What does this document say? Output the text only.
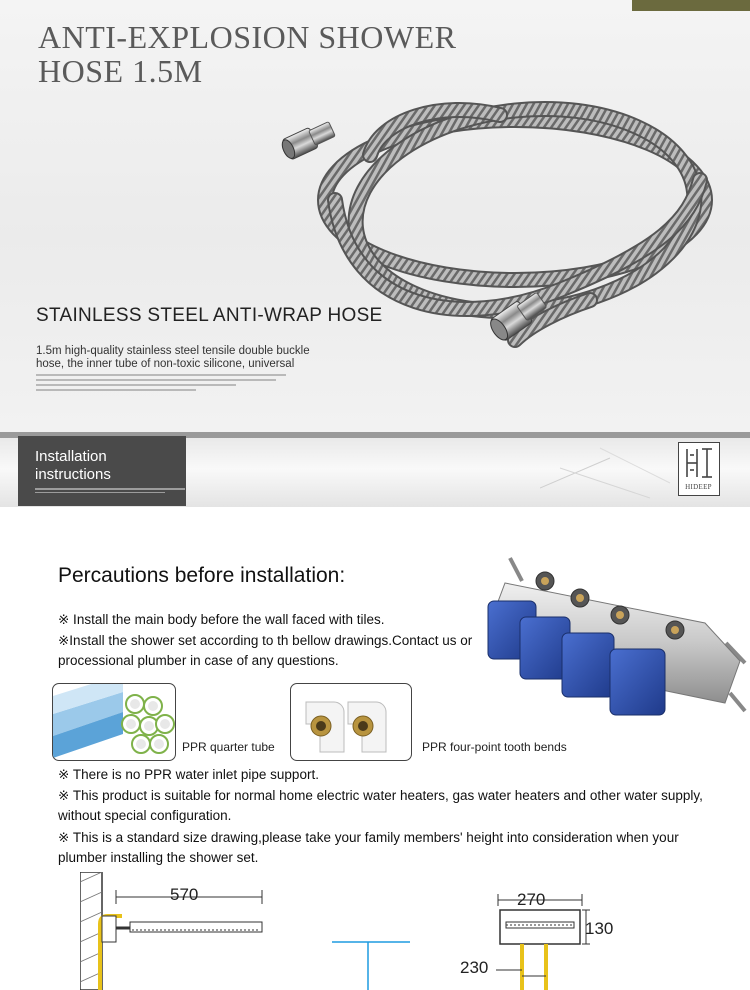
ANTI-EXPLOSION SHOWER
HOSE 1.5M
STAINLESS STEEL ANTI-WRAP HOSE
1.5m high-quality stainless steel tensile double buckle
hose, the inner tube of non-toxic silicone, universal
Installation
instructions
HIDEEP
Percautions before installation:
※ Install the main body before the wall faced with tiles.
※Install the shower set according to th bellow drawings.Contact us or processional plumber in case of any questions.
PPR quarter tube	PPR four-point tooth bends
※ There is no PPR water inlet pipe support.
※ This product is suitable for normal home electric water heaters, gas water heaters and other water supply, without special configuration.
※ This is a standard size drawing,please take your family members' height into consideration when your plumber installing the shower set.
570	270
130
230
